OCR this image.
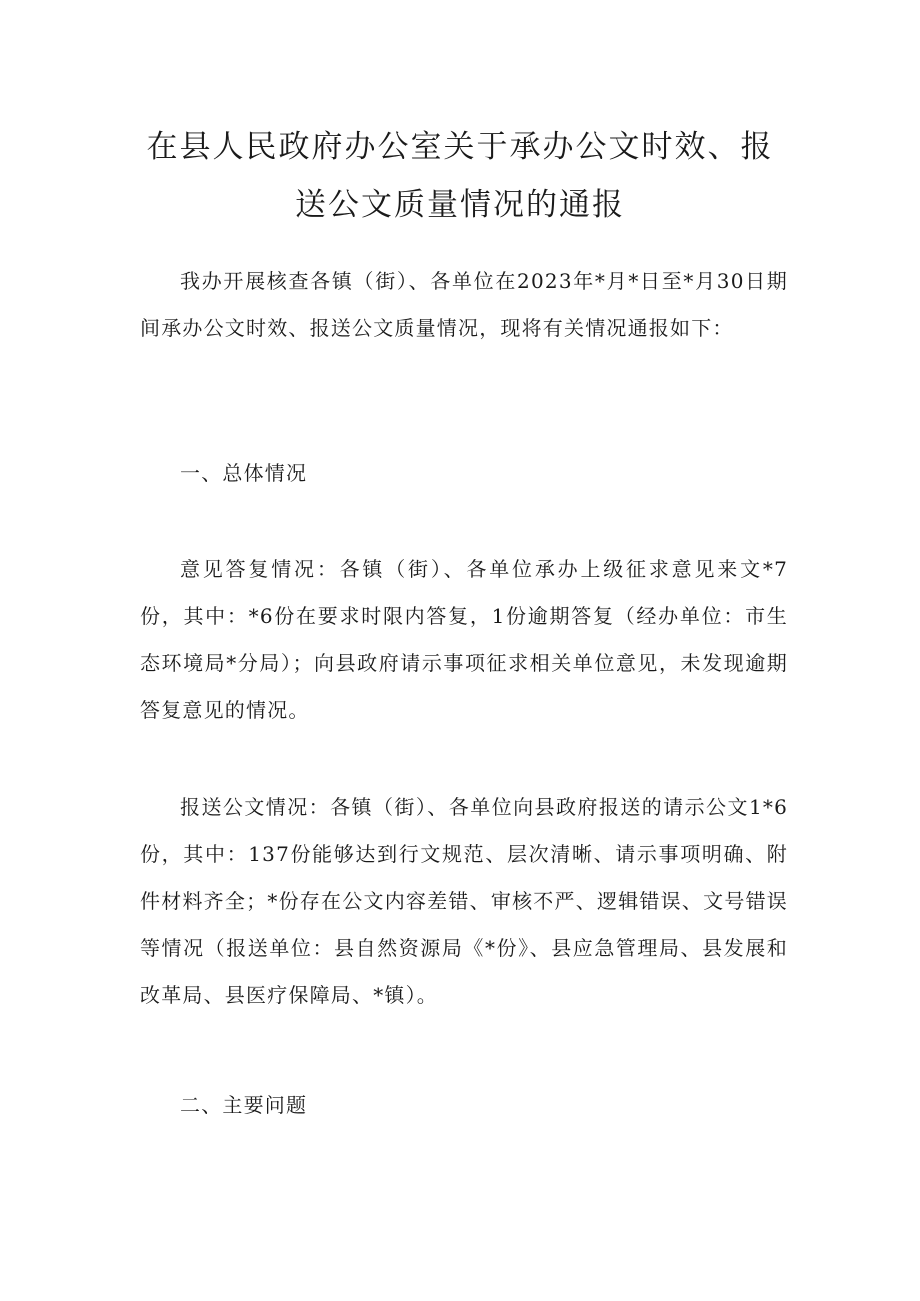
在县人民政府办公室关于承办公文时效、报
送公文质量情况的通报

我办开展核查各镇（街）、各单位在2023年*月*日至*月30日期间承办公文时效、报送公文质量情况，现将有关情况通报如下：

一、总体情况

意见答复情况：各镇（街）、各单位承办上级征求意见来文*7份，其中：*6份在要求时限内答复，1份逾期答复（经办单位：市生态环境局*分局）；向县政府请示事项征求相关单位意见，未发现逾期答复意见的情况。

报送公文情况：各镇（街）、各单位向县政府报送的请示公文1*6份，其中：137份能够达到行文规范、层次清晰、请示事项明确、附件材料齐全；*份存在公文内容差错、审核不严、逻辑错误、文号错误等情况（报送单位：县自然资源局《*份》、县应急管理局、县发展和改革局、县医疗保障局、*镇）。

二、主要问题
